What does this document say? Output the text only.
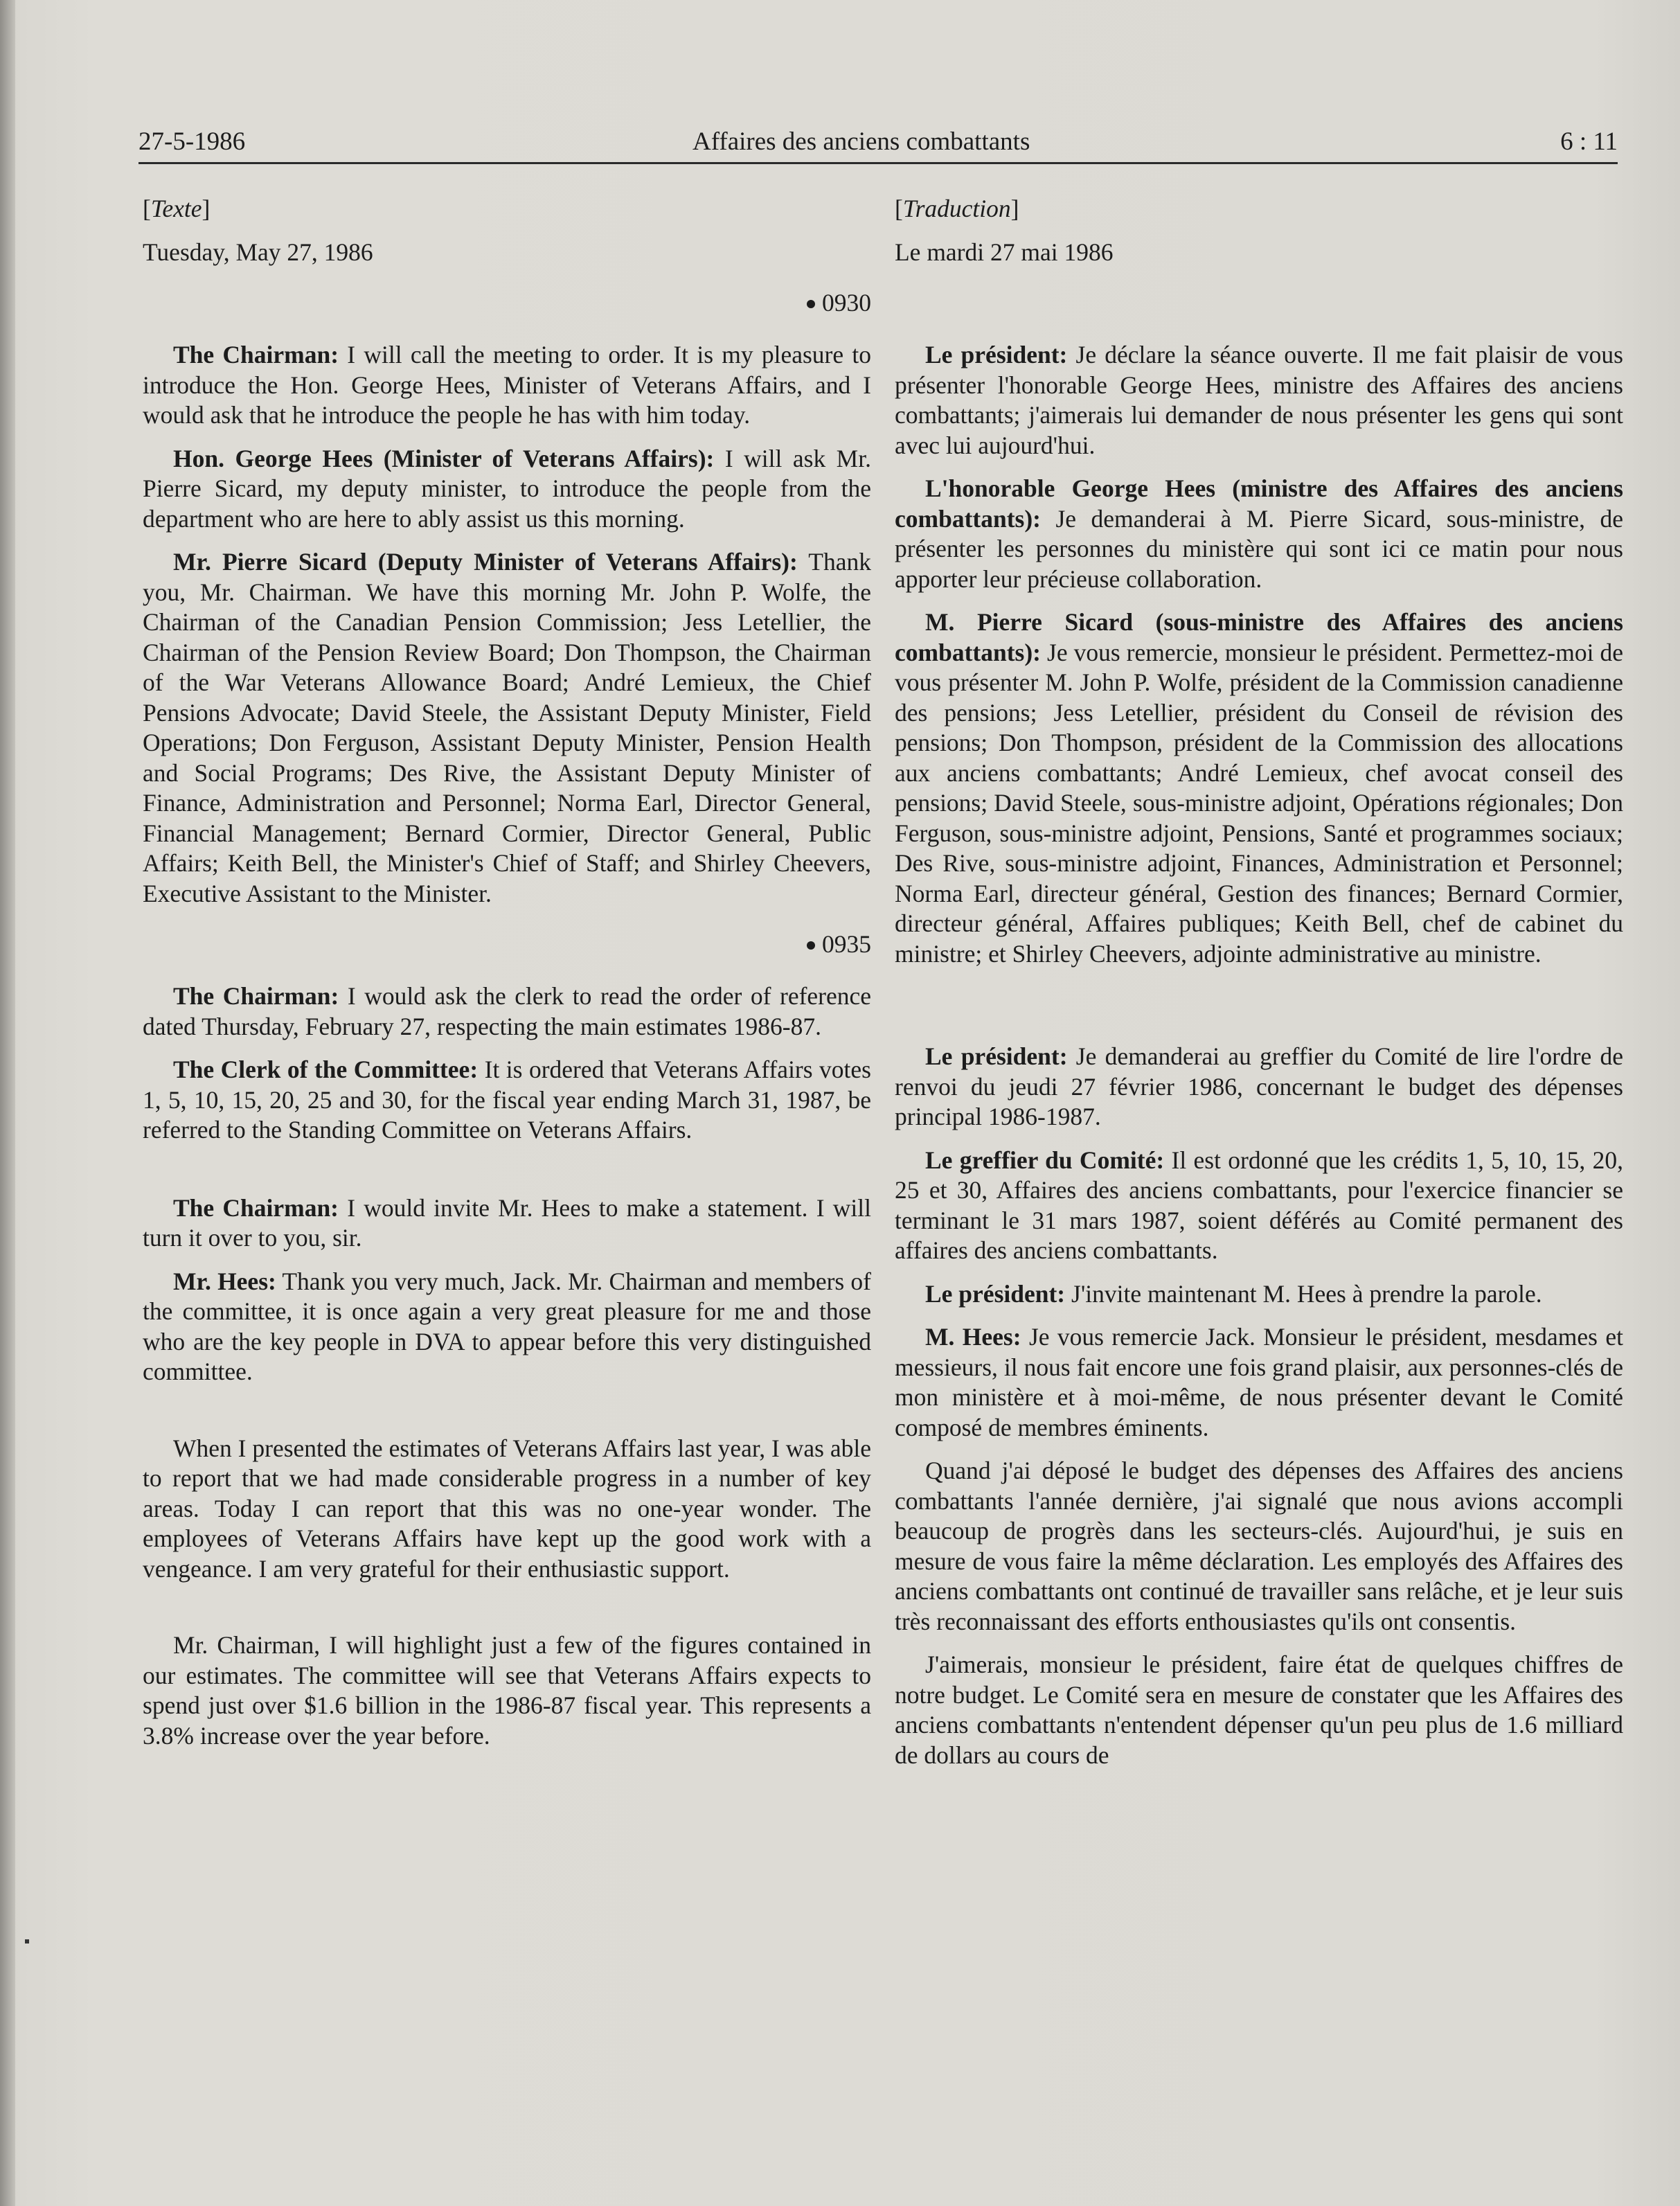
27-5-1986	Affaires des anciens combattants	6 : 11

[Texte]

Tuesday, May 27, 1986

0930

The Chairman: I will call the meeting to order. It is my pleasure to introduce the Hon. George Hees, Minister of Veterans Affairs, and I would ask that he introduce the people he has with him today.

Hon. George Hees (Minister of Veterans Affairs): I will ask Mr. Pierre Sicard, my deputy minister, to introduce the people from the department who are here to ably assist us this morning.

Mr. Pierre Sicard (Deputy Minister of Veterans Affairs): Thank you, Mr. Chairman. We have this morning Mr. John P. Wolfe, the Chairman of the Canadian Pension Commission; Jess Letellier, the Chairman of the Pension Review Board; Don Thompson, the Chairman of the War Veterans Allowance Board; André Lemieux, the Chief Pensions Advocate; David Steele, the Assistant Deputy Minister, Field Operations; Don Ferguson, Assistant Deputy Minister, Pension Health and Social Programs; Des Rive, the Assistant Deputy Minister of Finance, Administration and Personnel; Norma Earl, Director General, Financial Management; Bernard Cormier, Director General, Public Affairs; Keith Bell, the Minister's Chief of Staff; and Shirley Cheevers, Executive Assistant to the Minister.

0935

The Chairman: I would ask the clerk to read the order of reference dated Thursday, February 27, respecting the main estimates 1986-87.

The Clerk of the Committee: It is ordered that Veterans Affairs votes 1, 5, 10, 15, 20, 25 and 30, for the fiscal year ending March 31, 1987, be referred to the Standing Committee on Veterans Affairs.

The Chairman: I would invite Mr. Hees to make a statement. I will turn it over to you, sir.

Mr. Hees: Thank you very much, Jack. Mr. Chairman and members of the committee, it is once again a very great pleasure for me and those who are the key people in DVA to appear before this very distinguished committee.

When I presented the estimates of Veterans Affairs last year, I was able to report that we had made considerable progress in a number of key areas. Today I can report that this was no one-year wonder. The employees of Veterans Affairs have kept up the good work with a vengeance. I am very grateful for their enthusiastic support.

Mr. Chairman, I will highlight just a few of the figures contained in our estimates. The committee will see that Veterans Affairs expects to spend just over $1.6 billion in the 1986-87 fiscal year. This represents a 3.8% increase over the year before.

[Traduction]

Le mardi 27 mai 1986

Le président: Je déclare la séance ouverte. Il me fait plaisir de vous présenter l'honorable George Hees, ministre des Affaires des anciens combattants; j'aimerais lui demander de nous présenter les gens qui sont avec lui aujourd'hui.

L'honorable George Hees (ministre des Affaires des anciens combattants): Je demanderai à M. Pierre Sicard, sous-ministre, de présenter les personnes du ministère qui sont ici ce matin pour nous apporter leur précieuse collaboration.

M. Pierre Sicard (sous-ministre des Affaires des anciens combattants): Je vous remercie, monsieur le président. Permettez-moi de vous présenter M. John P. Wolfe, président de la Commission canadienne des pensions; Jess Letellier, président du Conseil de révision des pensions; Don Thompson, président de la Commission des allocations aux anciens combattants; André Lemieux, chef avocat conseil des pensions; David Steele, sous-ministre adjoint, Opérations régionales; Don Ferguson, sous-ministre adjoint, Pensions, Santé et programmes sociaux; Des Rive, sous-ministre adjoint, Finances, Administration et Personnel; Norma Earl, directeur général, Gestion des finances; Bernard Cormier, directeur général, Affaires publiques; Keith Bell, chef de cabinet du ministre; et Shirley Cheevers, adjointe administrative au ministre.

Le président: Je demanderai au greffier du Comité de lire l'ordre de renvoi du jeudi 27 février 1986, concernant le budget des dépenses principal 1986-1987.

Le greffier du Comité: Il est ordonné que les crédits 1, 5, 10, 15, 20, 25 et 30, Affaires des anciens combattants, pour l'exercice financier se terminant le 31 mars 1987, soient déférés au Comité permanent des affaires des anciens combattants.

Le président: J'invite maintenant M. Hees à prendre la parole.

M. Hees: Je vous remercie Jack. Monsieur le président, mesdames et messieurs, il nous fait encore une fois grand plaisir, aux personnes-clés de mon ministère et à moi-même, de nous présenter devant le Comité composé de membres éminents.

Quand j'ai déposé le budget des dépenses des Affaires des anciens combattants l'année dernière, j'ai signalé que nous avions accompli beaucoup de progrès dans les secteurs-clés. Aujourd'hui, je suis en mesure de vous faire la même déclaration. Les employés des Affaires des anciens combattants ont continué de travailler sans relâche, et je leur suis très reconnaissant des efforts enthousiastes qu'ils ont consentis.

J'aimerais, monsieur le président, faire état de quelques chiffres de notre budget. Le Comité sera en mesure de constater que les Affaires des anciens combattants n'entendent dépenser qu'un peu plus de 1.6 milliard de dollars au cours de
